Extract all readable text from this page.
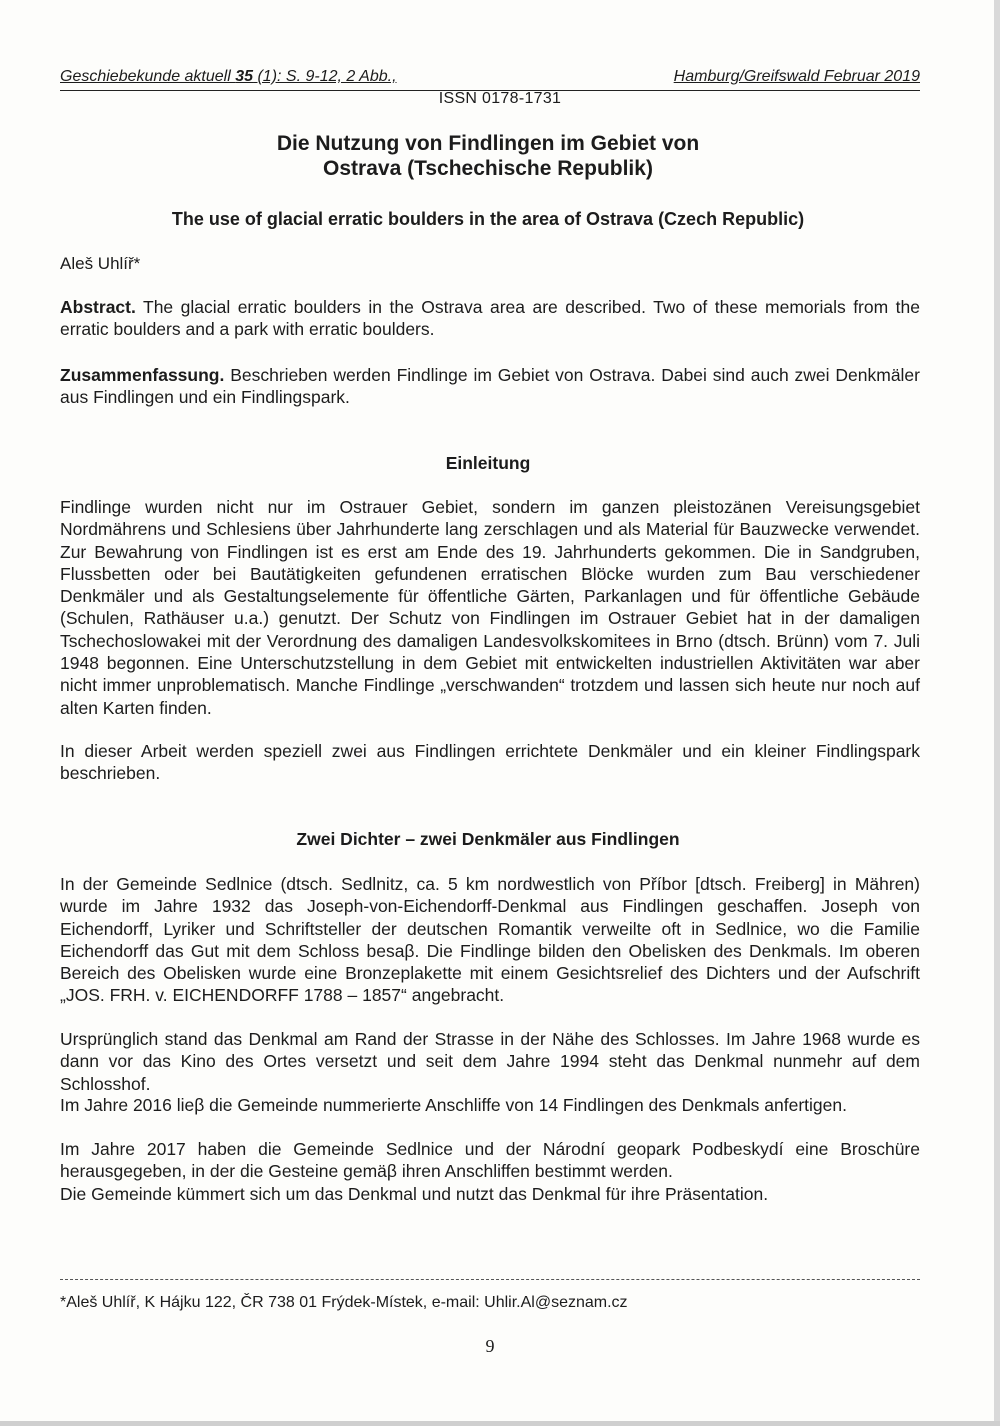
Geschiebekunde aktuell 35 (1): S. 9-12, 2 Abb.,	Hamburg/Greifswald Februar 2019
ISSN 0178-1731
Die Nutzung von Findlingen im Gebiet von
Ostrava (Tschechische Republik)
The use of glacial erratic boulders in the area of Ostrava (Czech Republic)
Aleš Uhlíř*
Abstract. The glacial erratic boulders in the Ostrava area are described. Two of these memorials from the erratic boulders and a park with erratic boulders.
Zusammenfassung. Beschrieben werden Findlinge im Gebiet von Ostrava. Dabei sind auch zwei Denkmäler aus Findlingen und ein Findlingspark.
Einleitung
Findlinge wurden nicht nur im Ostrauer Gebiet, sondern im ganzen pleistozänen Vereisungsgebiet Nordmährens und Schlesiens über Jahrhunderte lang zerschlagen und als Material für Bauzwecke verwendet. Zur Bewahrung von Findlingen ist es erst am Ende des 19. Jahrhunderts gekommen. Die in Sandgruben, Flussbetten oder bei Bautätigkeiten gefundenen erratischen Blöcke wurden zum Bau verschiedener Denkmäler und als Gestaltungselemente für öffentliche Gärten, Parkanlagen und für öffentliche Gebäude (Schulen, Rathäuser u.a.) genutzt. Der Schutz von Findlingen im Ostrauer Gebiet hat in der damaligen Tschechoslowakei mit der Verordnung des damaligen Landesvolkskomitees in Brno (dtsch. Brünn) vom 7. Juli 1948 begonnen. Eine Unterschutzstellung in dem Gebiet mit entwickelten industriellen Aktivitäten war aber nicht immer unproblematisch. Manche Findlinge „verschwanden“ trotzdem und lassen sich heute nur noch auf alten Karten finden.
In dieser Arbeit werden speziell zwei aus Findlingen errichtete Denkmäler und ein kleiner Findlingspark beschrieben.
Zwei Dichter – zwei Denkmäler aus Findlingen
In der Gemeinde Sedlnice (dtsch. Sedlnitz, ca. 5 km nordwestlich von Příbor [dtsch. Freiberg] in Mähren) wurde im Jahre 1932 das Joseph-von-Eichendorff-Denkmal aus Findlingen geschaffen. Joseph von Eichendorff, Lyriker und Schriftsteller der deutschen Romantik verweilte oft in Sedlnice, wo die Familie Eichendorff das Gut mit dem Schloss besaβ. Die Findlinge bilden den Obelisken des Denkmals. Im oberen Bereich des Obelisken wurde eine Bronzeplakette mit einem Gesichtsrelief des Dichters und der Aufschrift „JOS. FRH. v. EICHENDORFF 1788 – 1857“ angebracht.
Ursprünglich stand das Denkmal am Rand der Strasse in der Nähe des Schlosses. Im Jahre 1968 wurde es dann vor das Kino des Ortes versetzt und seit dem Jahre 1994 steht das Denkmal nunmehr auf dem Schlosshof.
Im Jahre 2016 lieβ die Gemeinde nummerierte Anschliffe von 14 Findlingen des Denkmals anfertigen.
Im Jahre 2017 haben die Gemeinde Sedlnice und der Národní geopark Podbeskydí eine Broschüre herausgegeben, in der die Gesteine gemäβ ihren Anschliffen bestimmt werden.
Die Gemeinde kümmert sich um das Denkmal und nutzt das Denkmal für ihre Präsentation.
*Aleš Uhlíř, K Hájku 122, ČR 738 01 Frýdek-Místek, e-mail: Uhlir.Al@seznam.cz
9
